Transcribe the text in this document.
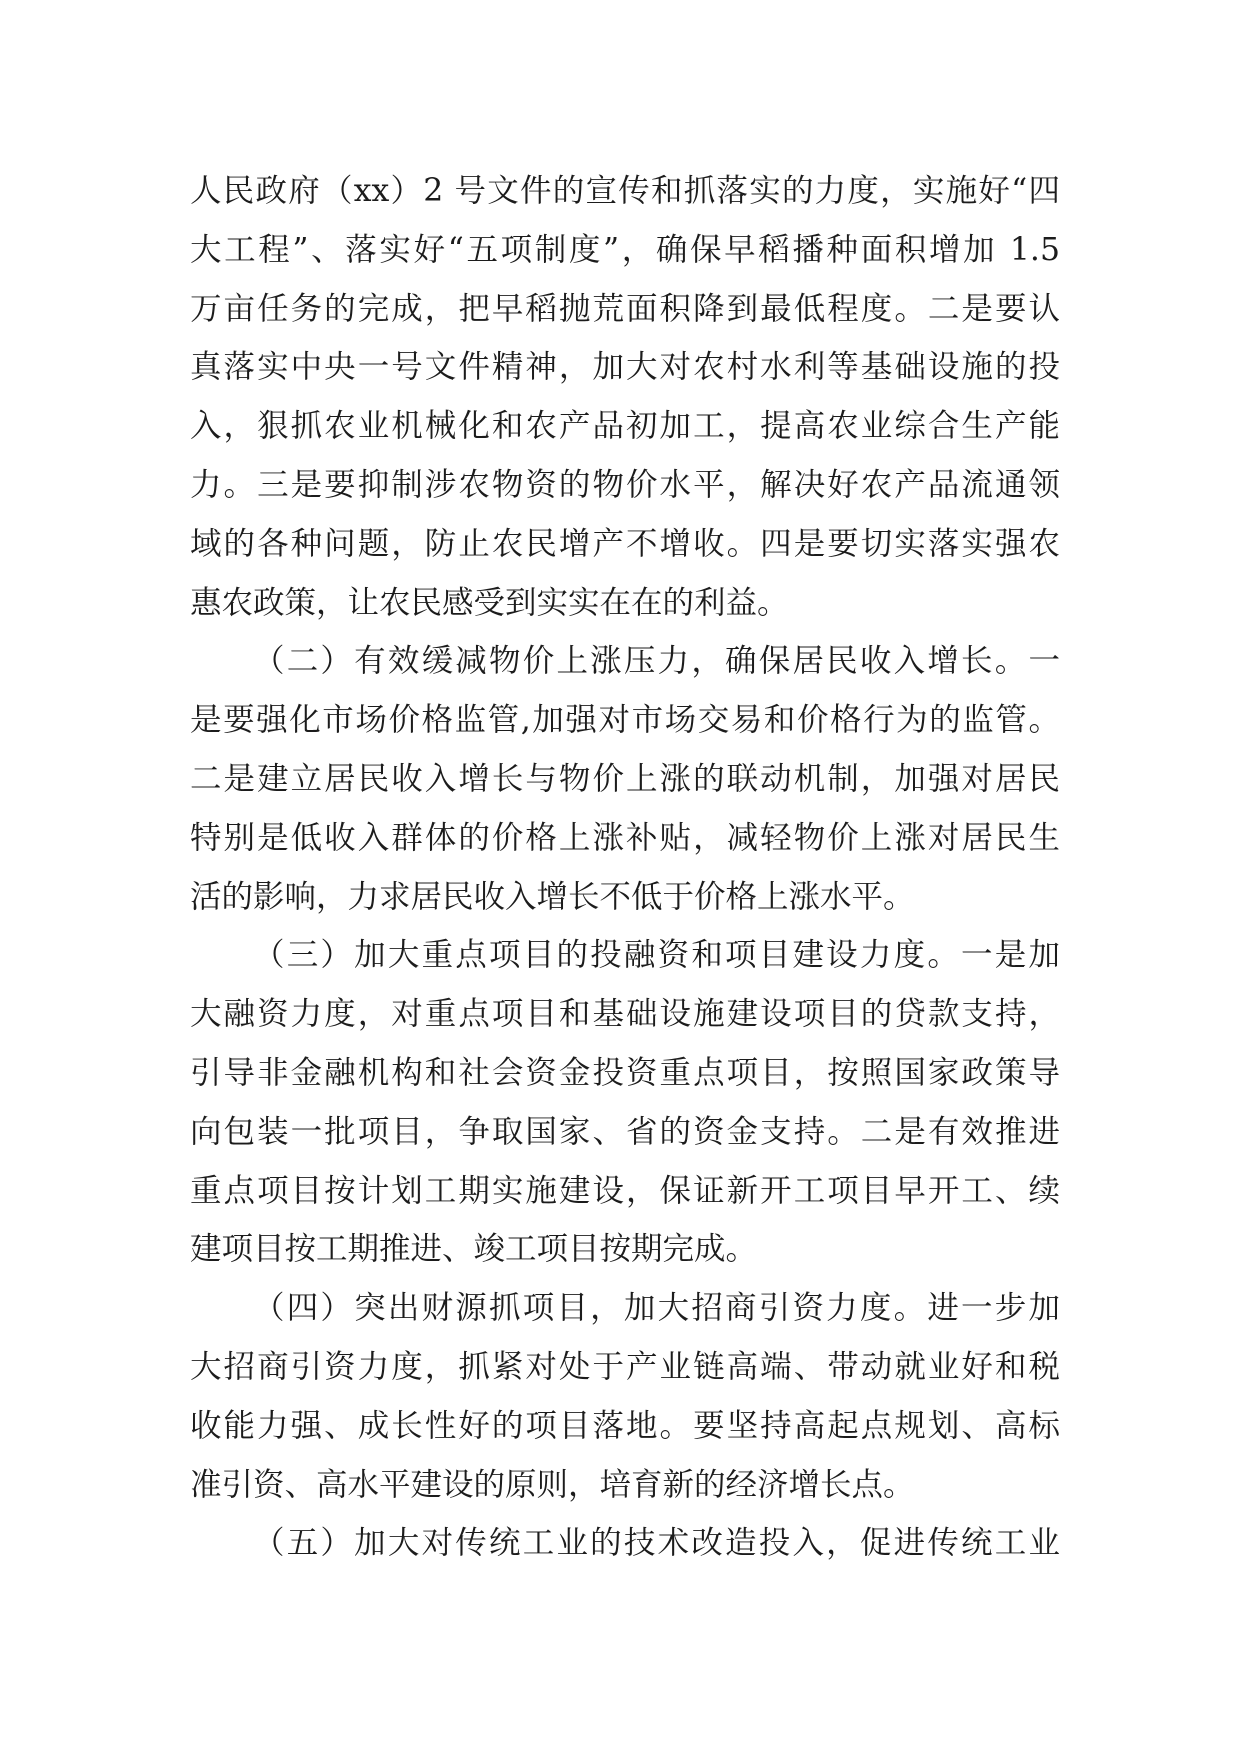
人民政府（xx）2 号文件的宣传和抓落实的力度，实施好“四
大工程”、落实好“五项制度”，确保早稻播种面积增加 1.5
万亩任务的完成，把早稻抛荒面积降到最低程度。二是要认
真落实中央一号文件精神，加大对农村水利等基础设施的投
入，狠抓农业机械化和农产品初加工，提高农业综合生产能
力。三是要抑制涉农物资的物价水平，解决好农产品流通领
域的各种问题，防止农民增产不增收。四是要切实落实强农
惠农政策，让农民感受到实实在在的利益。
（二）有效缓减物价上涨压力，确保居民收入增长。一
是要强化市场价格监管,加强对市场交易和价格行为的监管。
二是建立居民收入增长与物价上涨的联动机制，加强对居民
特别是低收入群体的价格上涨补贴，减轻物价上涨对居民生
活的影响，力求居民收入增长不低于价格上涨水平。
（三）加大重点项目的投融资和项目建设力度。一是加
大融资力度，对重点项目和基础设施建设项目的贷款支持，
引导非金融机构和社会资金投资重点项目，按照国家政策导
向包装一批项目，争取国家、省的资金支持。二是有效推进
重点项目按计划工期实施建设，保证新开工项目早开工、续
建项目按工期推进、竣工项目按期完成。
（四）突出财源抓项目，加大招商引资力度。进一步加
大招商引资力度，抓紧对处于产业链高端、带动就业好和税
收能力强、成长性好的项目落地。要坚持高起点规划、高标
准引资、高水平建设的原则，培育新的经济增长点。
（五）加大对传统工业的技术改造投入，促进传统工业
